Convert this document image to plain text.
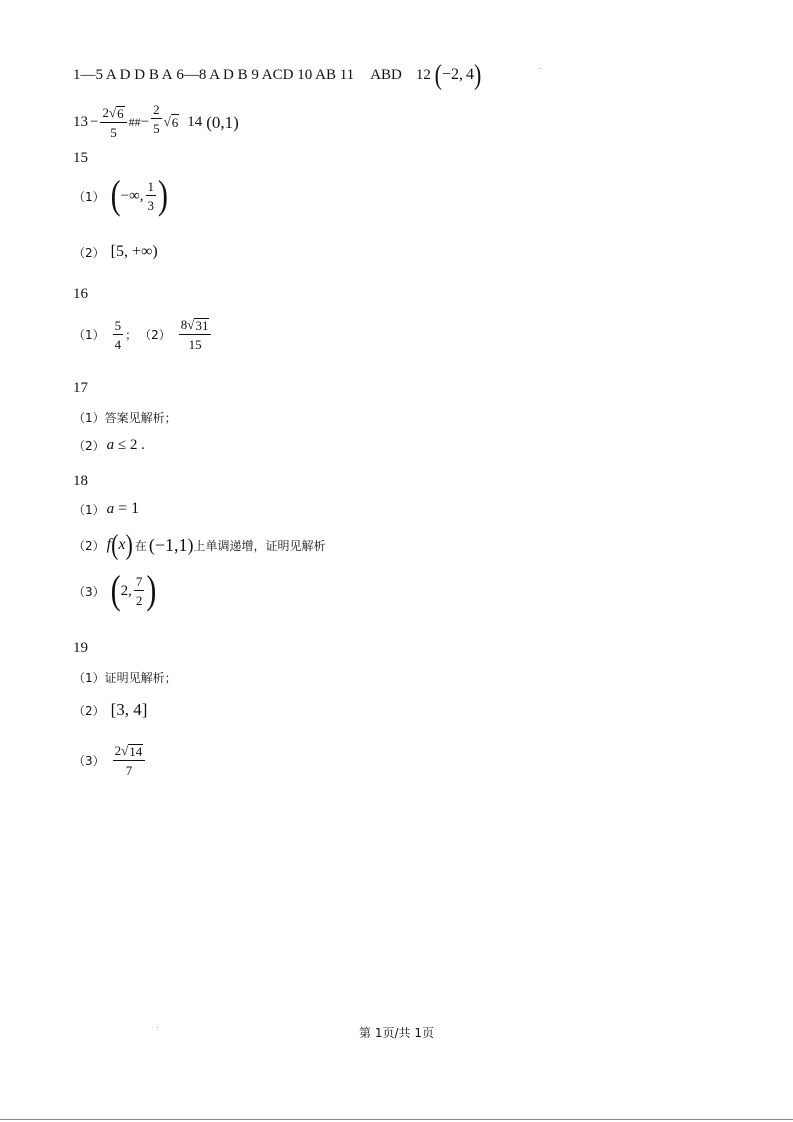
1—5 A D D B A
6—8 A D B
9 ACD
10 AB
11 ABD 12
( −2 , 4 )
$13 - \frac{2√ 6}{5}$ ## − $\frac{2}{5}$ √ 6 14 (0,1)
15
（1） ( −∞, $\frac{1}{3}$ )
（2） [5, +∞)
16
$(1) \frac{5}{4}$ ； $(2) \frac{8√ 31}{15}$
17
（1）答案见解析；
（2） a ≤ 2 .
18
（1） a = 1
（2） f ( x ) 在 (−1,1) 上单调递增，证明见解析
（3） ( 2, $\frac{7}{2}$ )
19
（1）证明见解析；
（2） [3, 4]
$(3) \frac{2√ 14}{7}$
第 1页/共 1页
